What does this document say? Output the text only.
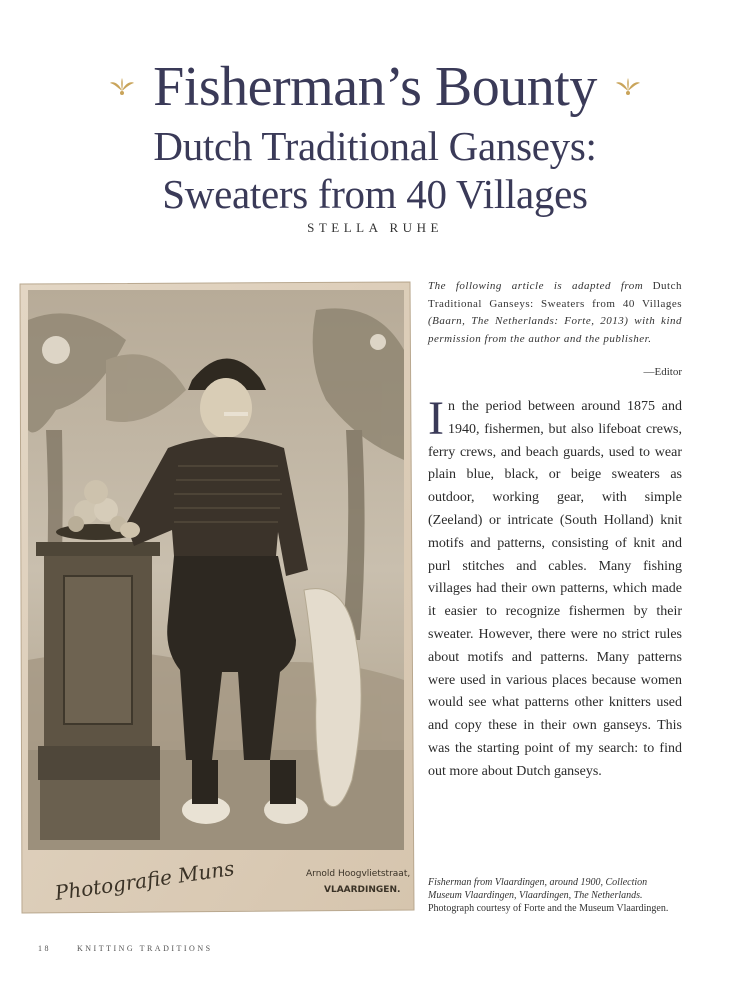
Fisherman’s Bounty
Dutch Traditional Ganseys:
Sweaters from 40 Villages
STELLA RUHE
Photografie Muns	Arnold Hoogvlietstraat,
VLAARDINGEN.
The following article is adapted from Dutch Traditional Ganseys: Sweaters from 40 Villages (Baarn, The Netherlands: Forte, 2013) with kind permission from the author and the publisher.
—Editor
I n the period between around 1875 and 1940, fishermen, but also lifeboat crews, ferry crews, and beach guards, used to wear plain blue, black, or beige sweaters as outdoor, working gear, with simple (Zeeland) or intricate (South Holland) knit motifs and patterns, consisting of knit and purl stitches and cables. Many fishing villages had their own patterns, which made it easier to recognize fishermen by their sweater. However, there were no strict rules about motifs and patterns. Many patterns were used in various places because women would see what patterns other knitters used and copy these in their own ganseys. This was the starting point of my search: to find out more about Dutch ganseys.
Fisherman from Vlaardingen, around 1900, Collection Museum Vlaardingen, Vlaardingen, The Netherlands. Photograph courtesy of Forte and the Museum Vlaardingen.
18	KNITTING TRADITIONS
